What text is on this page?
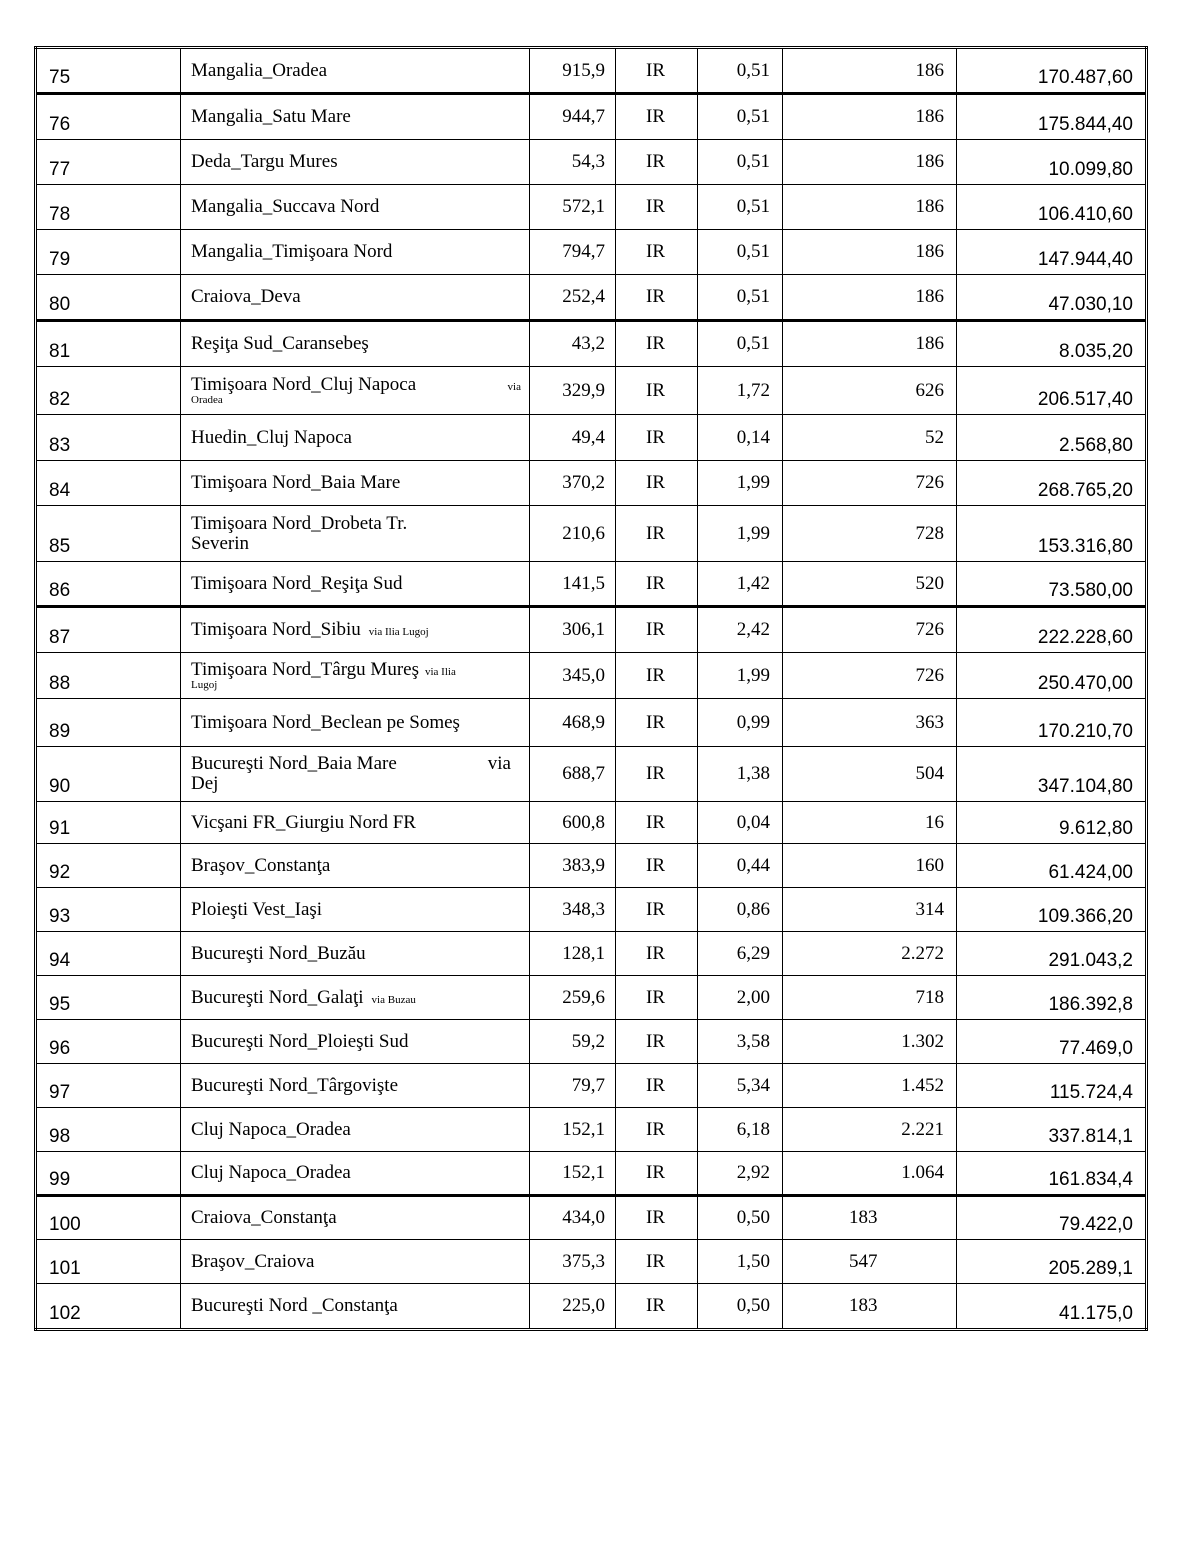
75	Mangalia_Oradea	915,9	IR	0,51	186	170.487,60
76	Mangalia_Satu Mare	944,7	IR	0,51	186	175.844,40
77	Deda_Targu Mures	54,3	IR	0,51	186	10.099,80
78	Mangalia_Succava Nord	572,1	IR	0,51	186	106.410,60
79	Mangalia_Timişoara Nord	794,7	IR	0,51	186	147.944,40
80	Craiova_Deva	252,4	IR	0,51	186	47.030,10
81	Reşiţa Sud_Caransebeş	43,2	IR	0,51	186	8.035,20
82	Timişoara Nord_Cluj Napoca via
Oradea	329,9	IR	1,72	626	206.517,40
83	Huedin_Cluj Napoca	49,4	IR	0,14	52	2.568,80
84	Timişoara Nord_Baia Mare	370,2	IR	1,99	726	268.765,20
85	Timişoara Nord_Drobeta Tr.
Severin	210,6	IR	1,99	728	153.316,80
86	Timişoara Nord_Reşiţa Sud	141,5	IR	1,42	520	73.580,00
87	Timişoara Nord_Sibiu via Ilia Lugoj	306,1	IR	2,42	726	222.228,60
88	Timişoara Nord_Târgu Mureş via Ilia
Lugoj	345,0	IR	1,99	726	250.470,00
89	Timişoara Nord_Beclean pe Someş	468,9	IR	0,99	363	170.210,70
90	Bucureşti Nord_Baia Mare via
Dej	688,7	IR	1,38	504	347.104,80
91	Vicşani FR_Giurgiu Nord FR	600,8	IR	0,04	16	9.612,80
92	Braşov_Constanţa	383,9	IR	0,44	160	61.424,00
93	Ploieşti Vest_Iaşi	348,3	IR	0,86	314	109.366,20
94	Bucureşti Nord_Buzău	128,1	IR	6,29	2.272	291.043,2
95	Bucureşti Nord_Galaţi via Buzau	259,6	IR	2,00	718	186.392,8
96	Bucureşti Nord_Ploieşti Sud	59,2	IR	3,58	1.302	77.469,0
97	Bucureşti Nord_Târgovişte	79,7	IR	5,34	1.452	115.724,4
98	Cluj Napoca_Oradea	152,1	IR	6,18	2.221	337.814,1
99	Cluj Napoca_Oradea	152,1	IR	2,92	1.064	161.834,4
100	Craiova_Constanţa	434,0	IR	0,50	183	79.422,0
101	Braşov_Craiova	375,3	IR	1,50	547	205.289,1
102	Bucureşti Nord _Constanţa	225,0	IR	0,50	183	41.175,0
